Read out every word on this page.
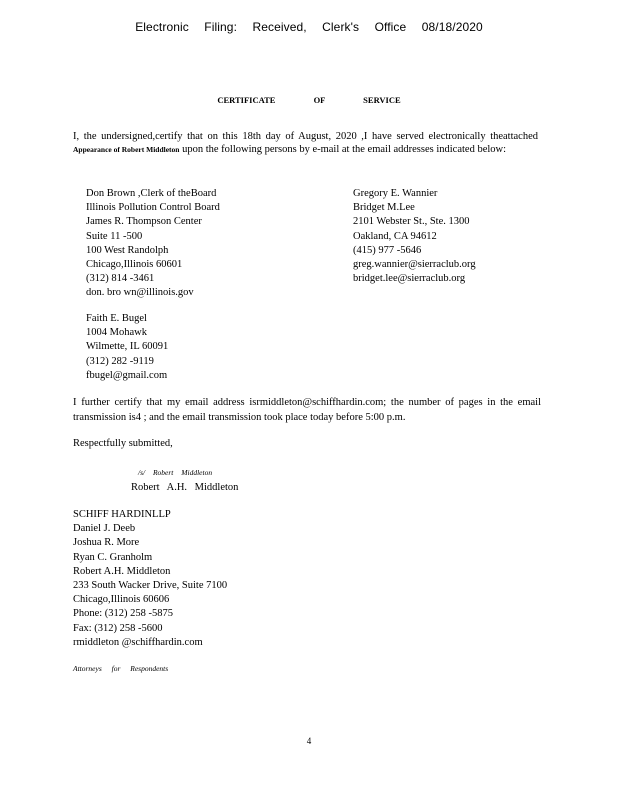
Electronic Filing: Received, Clerk's Office 08/18/2020
CERTIFICATE OF SERVICE
I, the undersigned,certify that on this 18th day of August, 2020 ,I have served electronically theattached Appearance of Robert Middleton upon the following persons by e-mail at the email addresses indicated below:
Don Brown ,Clerk of theBoard
Illinois Pollution Control Board
James R. Thompson Center
Suite 11 -500
100 West Randolph
Chicago,Illinois 60601
(312) 814 -3461
don. bro wn@illinois.gov
Gregory E. Wannier
Bridget M.Lee
2101 Webster St., Ste. 1300
Oakland, CA 94612
(415) 977 -5646
greg.wannier@sierraclub.org
bridget.lee@sierraclub.org
Faith E. Bugel
1004 Mohawk
Wilmette, IL 60091
(312) 282 -9119
fbugel@gmail.com
I further certify that my email address isrmiddleton@schiffhardin.com; the number of pages in the email transmission is4 ; and the email transmission took place today before 5:00 p.m.
Respectfully submitted,
/s/ Robert Middleton
Robert A.H. Middleton
SCHIFF HARDINLLP
Daniel J. Deeb
Joshua R. More
Ryan C. Granholm
Robert A.H. Middleton
233 South Wacker Drive, Suite 7100
Chicago,Illinois 60606
Phone: (312) 258 -5875
Fax: (312) 258 -5600
rmiddleton @schiffhardin.com
Attorneys for Respondents
4
